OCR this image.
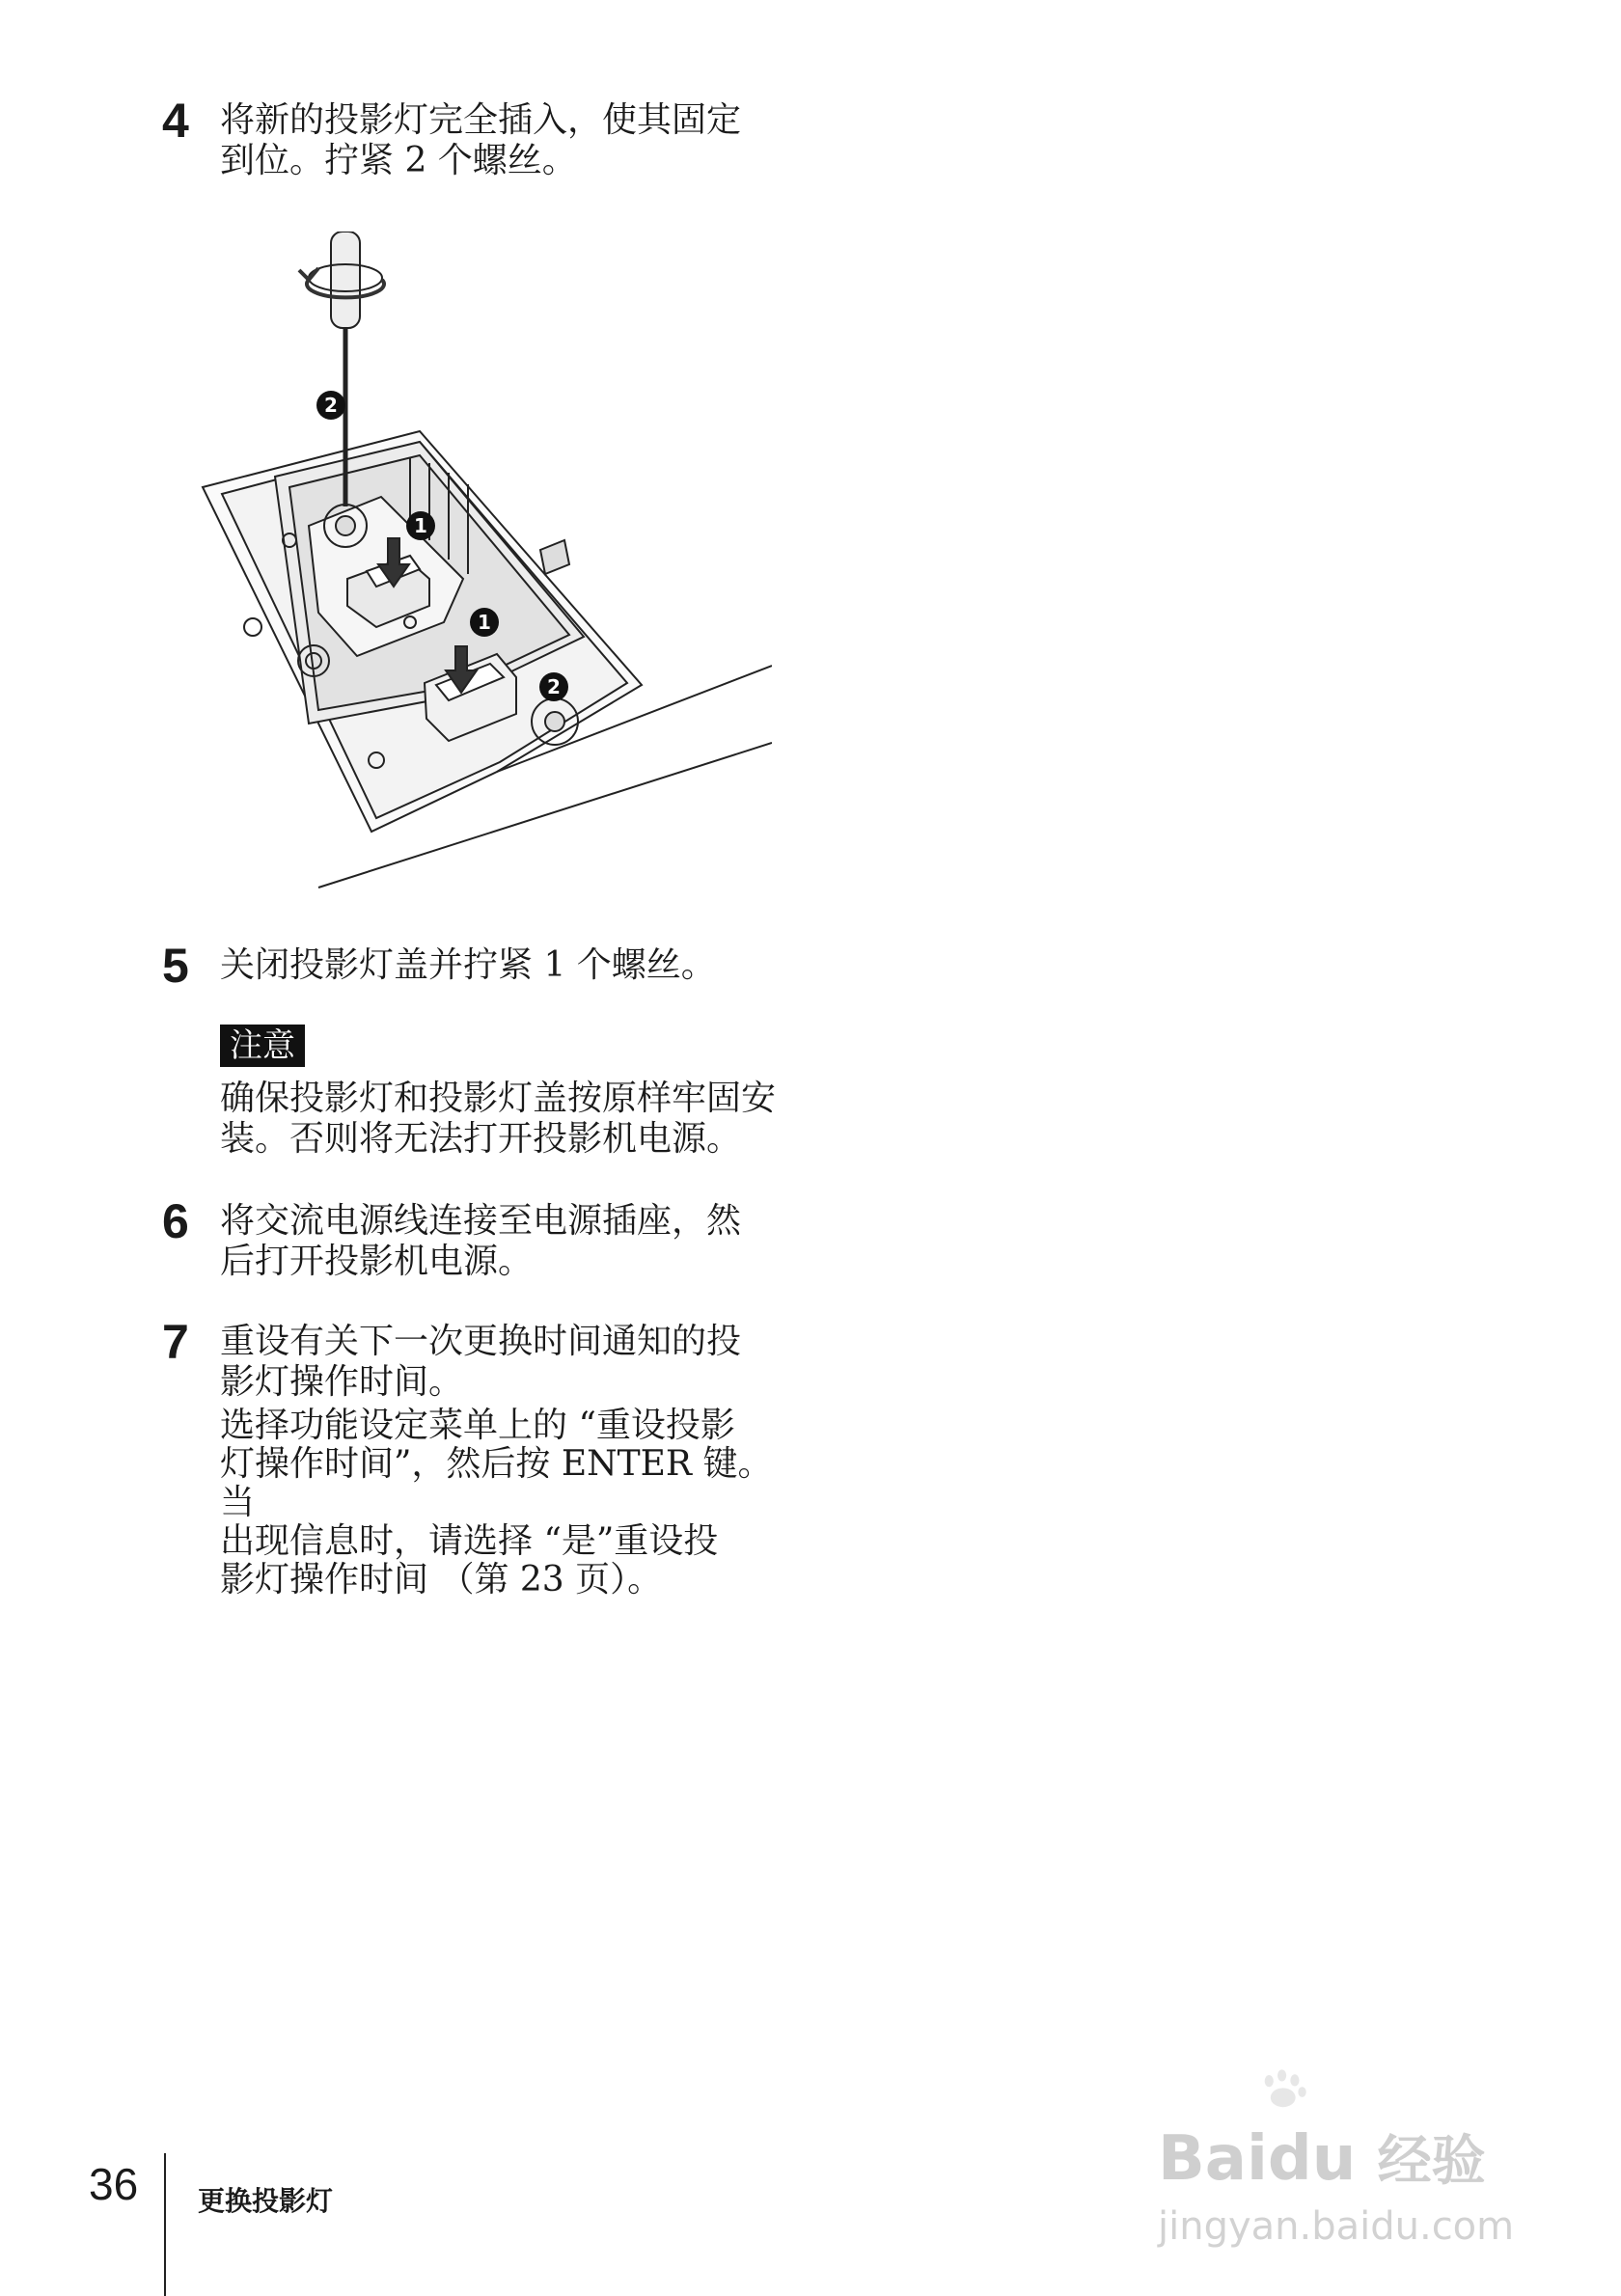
4 将新的投影灯完全插入，使其固定
到位。拧紧 2 个螺丝。
1
1
2
2
5 关闭投影灯盖并拧紧 1 个螺丝。
注意
确保投影灯和投影灯盖按原样牢固安
装。否则将无法打开投影机电源。
6 将交流电源线连接至电源插座，然
后打开投影机电源。
7 重设有关下一次更换时间通知的投
影灯操作时间。
选择功能设定菜单上的 “重设投影
灯操作时间”，然后按 ENTER 键。当
出现信息时，请选择 “是”重设投
影灯操作时间 （第 23 页）。
36 更换投影灯
Baidu 经验
jingyan.baidu.com
